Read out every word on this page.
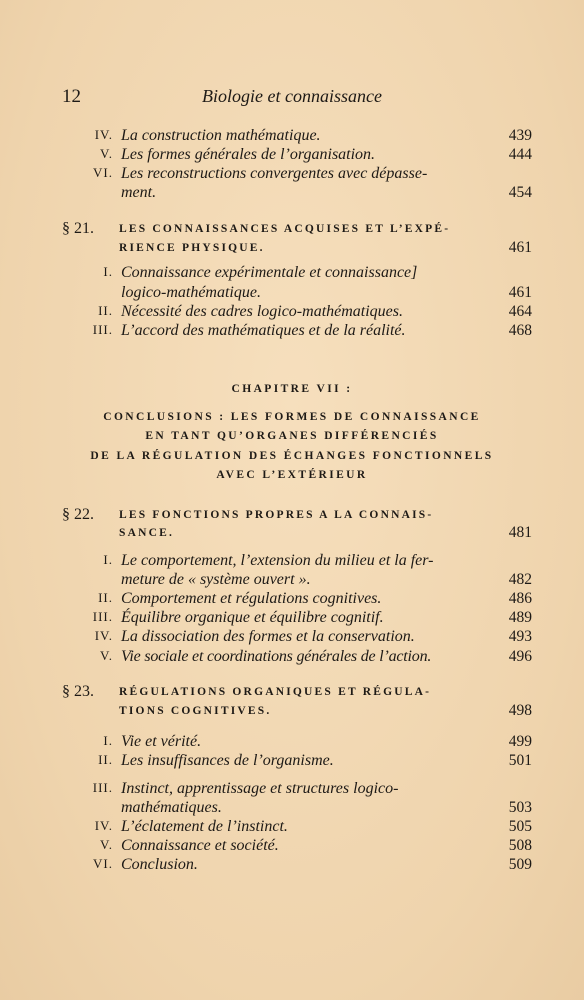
12	Biologie et connaissance
IV. La construction mathématique.	439
V. Les formes générales de l’organisation.	444
VI. Les reconstructions convergentes avec dépasse-
ment.	454
§ 21. LES CONNAISSANCES ACQUISES ET L’EXPÉ-
RIENCE PHYSIQUE.	461
I. Connaissance expérimentale et connaissance]
logico-mathématique.	461
II. Nécessité des cadres logico-mathématiques.	464
III. L’accord des mathématiques et de la réalité.	468
CHAPITRE VII :
CONCLUSIONS : LES FORMES DE CONNAISSANCE
EN TANT QU’ORGANES DIFFÉRENCIÉS
DE LA RÉGULATION DES ÉCHANGES FONCTIONNELS
AVEC L’EXTÉRIEUR
§ 22. LES FONCTIONS PROPRES A LA CONNAIS-
SANCE.	481
I. Le comportement, l’extension du milieu et la fer-
meture de « système ouvert ».	482
II. Comportement et régulations cognitives.	486
III. Équilibre organique et équilibre cognitif.	489
IV. La dissociation des formes et la conservation.	493
V. Vie sociale et coordinations générales de l’action.	496
§ 23. RÉGULATIONS ORGANIQUES ET RÉGULA-
TIONS COGNITIVES.	498
I. Vie et vérité.	499
II. Les insuffisances de l’organisme.	501
III. Instinct, apprentissage et structures logico-
mathématiques.	503
IV. L’éclatement de l’instinct.	505
V. Connaissance et société.	508
VI. Conclusion.	509
